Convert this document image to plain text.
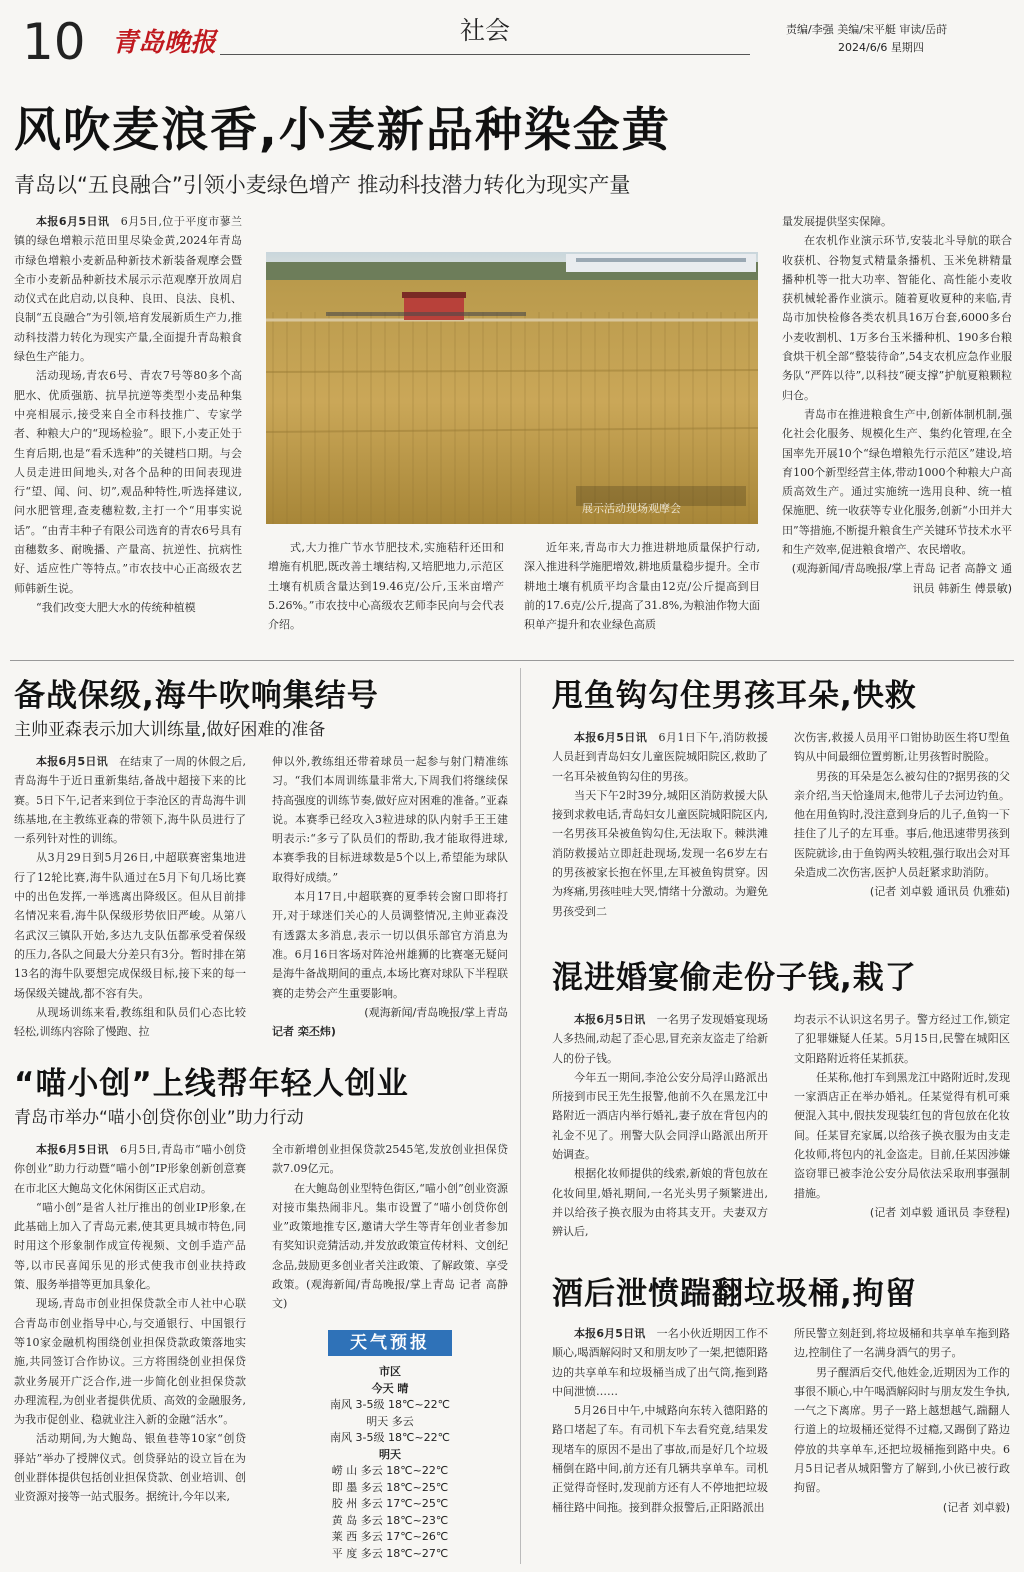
10 青岛晚报	社会	责编/李强 美编/宋平艇 审读/岳莳
2024/6/6 星期四
风吹麦浪香,小麦新品种染金黄
青岛以“五良融合”引领小麦绿色增产 推动科技潜力转化为现实产量

本报6月5日讯　6月5日,位于平度市蓼兰镇的绿色增粮示范田里尽染金黄,2024年青岛市绿色增粮小麦新品种新技术新装备观摩会暨全市小麦新品种新技术展示示范观摩开放周启动仪式在此启动,以良种、良田、良法、良机、良制“五良融合”为引领,培育发展新质生产力,推动科技潜力转化为现实产量,全面提升青岛粮食绿色生产能力。

活动现场,青农6号、青农7号等80多个高肥水、优质强筋、抗旱抗逆等类型小麦品种集中亮相展示,接受来自全市科技推广、专家学者、种粮大户的“现场检验”。眼下,小麦正处于生育后期,也是“看禾选种”的关键档口期。与会人员走进田间地头,对各个品种的田间表现进行“望、闻、问、切”,观品种特性,听选择建议,问水肥管理,查麦穗粒数,主打一个“用事实说话”。“由青丰种子有限公司选育的青农6号具有亩穗数多、耐晚播、产量高、抗逆性、抗病性好、适应性广等特点。”市农技中心正高级农艺师韩新生说。

“我们改变大肥大水的传统种植模

展示活动现场观摩会

式,大力推广节水节肥技术,实施秸秆还田和增施有机肥,既改善土壤结构,又培肥地力,示范区土壤有机质含量达到19.46克/公斤,玉米亩增产5.26%。”市农技中心高级农艺师李民向与会代表介绍。

近年来,青岛市大力推进耕地质量保护行动,深入推进科学施肥增效,耕地质量稳步提升。全市耕地土壤有机质平均含量由12克/公斤提高到目前的17.6克/公斤,提高了31.8%,为粮油作物大面积单产提升和农业绿色高质

量发展提供坚实保障。

在农机作业演示环节,安装北斗导航的联合收获机、谷物复式精量条播机、玉米免耕精量播种机等一批大功率、智能化、高性能小麦收获机械轮番作业演示。随着夏收夏种的来临,青岛市加快检修各类农机具16万台套,6000多台小麦收割机、1万多台玉米播种机、190多台粮食烘干机全部“整装待命”,54支农机应急作业服务队“严阵以待”,以科技“硬支撑”护航夏粮颗粒归仓。

青岛市在推进粮食生产中,创新体制机制,强化社会化服务、规模化生产、集约化管理,在全国率先开展10个“绿色增粮先行示范区”建设,培育100个新型经营主体,带动1000个种粮大户高质高效生产。通过实施统一选用良种、统一植保施肥、统一收获等专业化服务,创新“小田并大田”等措施,不断提升粮食生产关键环节技术水平和生产效率,促进粮食增产、农民增收。

(观海新闻/青岛晚报/掌上青岛 记者 高静文 通讯员 韩新生 傅景敏)

备战保级,海牛吹响集结号
主帅亚森表示加大训练量,做好困难的准备

本报6月5日讯　在结束了一周的休假之后,青岛海牛于近日重新集结,备战中超接下来的比赛。5日下午,记者来到位于李沧区的青岛海牛训练基地,在主教练亚森的带领下,海牛队员进行了一系列针对性的训练。

从3月29日到5月26日,中超联赛密集地进行了12轮比赛,海牛队通过在5月下旬几场比赛中的出色发挥,一举逃离出降级区。但从目前排名情况来看,海牛队保级形势依旧严峻。从第八名武汉三镇队开始,多达九支队伍都承受着保级的压力,各队之间最大分差只有3分。暂时排在第13名的海牛队要想完成保级目标,接下来的每一场保级关键战,都不容有失。

从现场训练来看,教练组和队员们心态比较轻松,训练内容除了慢跑、拉

伸以外,教练组还带着球员一起参与射门精准练习。“我们本周训练量非常大,下周我们将继续保持高强度的训练节奏,做好应对困难的准备。”亚森说。本赛季已经攻入3粒进球的队内射手王王建明表示:“多亏了队员们的帮助,我才能取得进球,本赛季我的目标进球数是5个以上,希望能为球队取得好成绩。”

本月17日,中超联赛的夏季转会窗口即将打开,对于球迷们关心的人员调整情况,主帅亚森没有透露太多消息,表示一切以俱乐部官方消息为准。6月16日客场对阵沧州雄狮的比赛毫无疑问是海牛备战期间的重点,本场比赛对球队下半程联赛的走势会产生重要影响。

(观海新闻/青岛晚报/掌上青岛

记者 栾丕炜)

“喵小创”上线帮年轻人创业
青岛市举办“喵小创贷你创业”助力行动

本报6月5日讯　6月5日,青岛市“喵小创贷你创业”助力行动暨“喵小创”IP形象创新创意赛在市北区大鲍岛文化休闲街区正式启动。

“喵小创”是省人社厅推出的创业IP形象,在此基础上加入了青岛元素,使其更具城市特色,同时用这个形象制作成宣传视频、文创手造产品等,以市民喜闻乐见的形式使我市创业扶持政策、服务举措等更加具象化。

现场,青岛市创业担保贷款全市人社中心联合青岛市创业指导中心,与交通银行、中国银行等10家金融机构围绕创业担保贷款政策落地实施,共同签订合作协议。三方将围绕创业担保贷款业务展开广泛合作,进一步简化创业担保贷款办理流程,为创业者提供优质、高效的金融服务,为我市促创业、稳就业注入新的金融“活水”。

活动期间,为大鲍岛、银鱼巷等10家“创贷驿站”举办了授牌仪式。创贷驿站的设立旨在为创业群体提供包括创业担保贷款、创业培训、创业资源对接等一站式服务。据统计,今年以来,

全市新增创业担保贷款2545笔,发放创业担保贷款7.09亿元。

在大鲍岛创业型特色街区,“喵小创”创业资源对接市集热闹非凡。集市设置了“喵小创贷你创业”政策地推专区,邀请大学生等青年创业者参加有奖知识竞猜活动,并发放政策宣传材料、文创纪念品,鼓励更多创业者关注政策、了解政策、享受政策。(观海新闻/青岛晚报/掌上青岛 记者 高静文)

天气预报
市区
今天 晴
南风 3-5级 18℃~22℃
明天 多云
南风 3-5级 18℃~22℃
明天
崂 山 多云 18℃~22℃
即 墨 多云 18℃~25℃
胶 州 多云 17℃~25℃
黄 岛 多云 18℃~23℃
莱 西 多云 17℃~26℃
平 度 多云 18℃~27℃
甩鱼钩勾住男孩耳朵,快救

本报6月5日讯　6月1日下午,消防救援人员赶到青岛妇女儿童医院城阳院区,救助了一名耳朵被鱼钩勾住的男孩。

当天下午2时39分,城阳区消防救援大队接到求救电话,青岛妇女儿童医院城阳院区内,一名男孩耳朵被鱼钩勾住,无法取下。棘洪滩消防救援站立即赶赴现场,发现一名6岁左右的男孩被家长抱在怀里,左耳被鱼钩贯穿。因为疼痛,男孩哇哇大哭,情绪十分激动。为避免男孩受到二

次伤害,救援人员用平口钳协助医生将U型鱼钩从中间最细位置剪断,让男孩暂时脱险。

男孩的耳朵是怎么被勾住的?据男孩的父亲介绍,当天恰逢周末,他带儿子去河边钓鱼。他在用鱼钩时,没注意到身后的儿子,鱼钩一下挂住了儿子的左耳垂。事后,他迅速带男孩到医院就诊,由于鱼钩两头较粗,强行取出会对耳朵造成二次伤害,医护人员赶紧求助消防。

(记者 刘卓毅 通讯员 仇雅茹)

混进婚宴偷走份子钱,栽了

本报6月5日讯　一名男子发现婚宴现场人多热闹,动起了歪心思,冒充亲友盗走了给新人的份子钱。

今年五一期间,李沧公安分局浮山路派出所接到市民王先生报警,他前不久在黑龙江中路附近一酒店内举行婚礼,妻子放在背包内的礼金不见了。刑警大队会同浮山路派出所开始调查。

根据化妆师提供的线索,新娘的背包放在化妆间里,婚礼期间,一名光头男子频繁进出,并以给孩子换衣服为由将其支开。夫妻双方辨认后,

均表示不认识这名男子。警方经过工作,锁定了犯罪嫌疑人任某。5月15日,民警在城阳区文阳路附近将任某抓获。

任某称,他打车到黑龙江中路附近时,发现一家酒店正在举办婚礼。任某觉得有机可乘便混入其中,假扶发现装红包的背包放在化妆间。任某冒充家属,以给孩子换衣服为由支走化妆师,将包内的礼金盗走。目前,任某因涉嫌盗窃罪已被李沧公安分局依法采取刑事强制措施。

(记者 刘卓毅 通讯员 李登程)

酒后泄愤踹翻垃圾桶,拘留

本报6月5日讯　一名小伙近期因工作不顺心,喝酒解闷时又和朋友吵了一架,把德阳路边的共享单车和垃圾桶当成了出气筒,拖到路中间泄愤……

5月26日中午,中城路向东转入德阳路的路口堵起了车。有司机下车去看究竟,结果发现堵车的原因不是出了事故,而是好几个垃圾桶倒在路中间,前方还有几辆共享单车。司机正觉得奇怪时,发现前方还有人不停地把垃圾桶往路中间拖。接到群众报警后,正阳路派出

所民警立刻赶到,将垃圾桶和共享单车拖到路边,控制住了一名满身酒气的男子。

男子醒酒后交代,他姓金,近期因为工作的事很不顺心,中午喝酒解闷时与朋友发生争执,一气之下离席。男子一路上越想越气,踹翻人行道上的垃圾桶还觉得不过瘾,又踢倒了路边停放的共享单车,还把垃圾桶拖到路中央。6月5日记者从城阳警方了解到,小伙已被行政拘留。

(记者 刘卓毅)
